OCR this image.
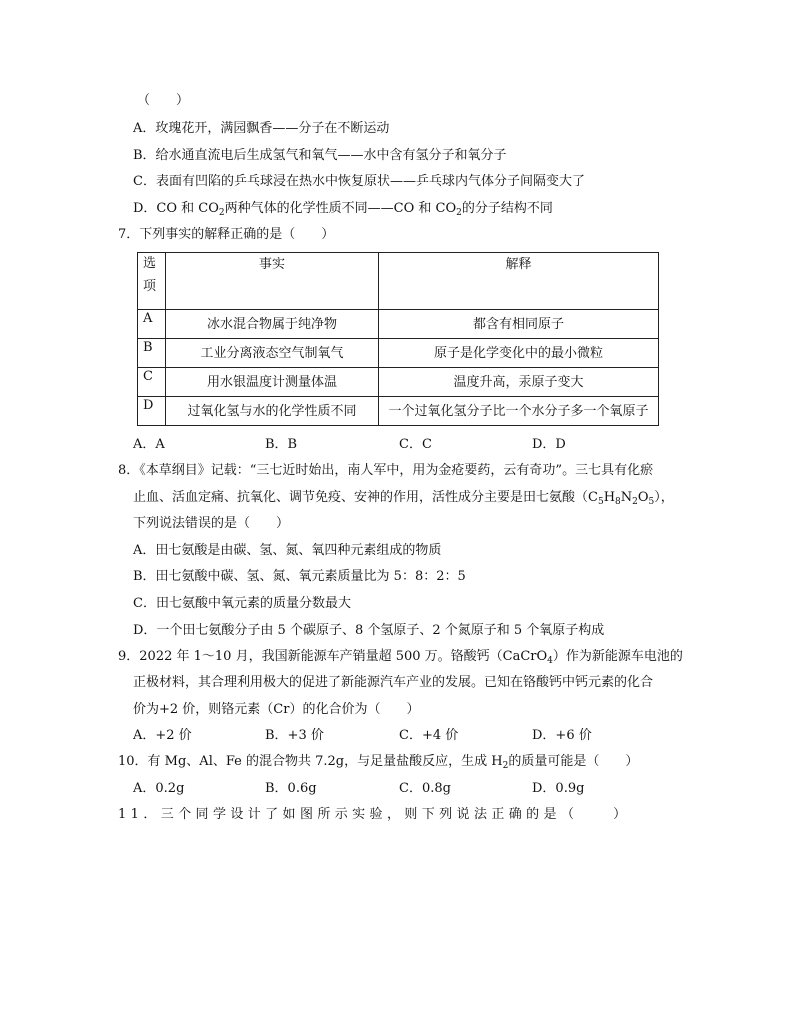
（　　）
A．玫瑰花开，满园飘香——分子在不断运动
B．给水通直流电后生成氢气和氧气——水中含有氢分子和氧分子
C．表面有凹陷的乒乓球浸在热水中恢复原状——乒乓球内气体分子间隔变大了
D．CO 和 $CO_2$两种气体的化学性质不同——CO 和 $CO_2$的分子结构不同
7．下列事实的解释正确的是（　　）
选
项	事实	解释
A	冰水混合物属于纯净物	都含有相同原子
B	工业分离液态空气制氧气	原子是化学变化中的最小微粒
C	用水银温度计测量体温	温度升高，汞原子变大
D	过氧化氢与水的化学性质不同	一个过氧化氢分子比一个水分子多一个氧原子
A．A	B．B	C．C	D．D
8．《本草纲目》记载：“三七近时始出，南人军中，用为金疮要药，云有奇功”。三七具有化瘀
止血、活血定痛、抗氧化、调节免疫、安神的作用，活性成分主要是田七氨酸$(C_5H_8N_2O_5)$，
下列说法错误的是（　　）
A．田七氨酸是由碳、氢、氮、氧四种元素组成的物质
B．田七氨酸中碳、氢、氮、氧元素质量比为 5：8：2：5
C．田七氨酸中氧元素的质量分数最大
D．一个田七氨酸分子由 5 个碳原子、8 个氢原子、2 个氮原子和 5 个氧原子构成
9．2022 年 1～10 月，我国新能源车产销量超 500 万。铬酸钙（CaCrO$_4$）作为新能源车电池的
正极材料，其合理利用极大的促进了新能源汽车产业的发展。已知在铬酸钙中钙元素的化合
价为+2 价，则铬元素（Cr）的化合价为（　　）
A．+2 价	B．+3 价	C．+4 价	D．+6 价
10．有 Mg、Al、Fe 的混合物共 7.2g，与足量盐酸反应，生成 $H_2$的质量可能是（　　）
A．0.2g	B．0.6g	C．0.8g	D．0.9g
11．三个同学设计了如图所示实验，则下列说法正确的是（　　）
